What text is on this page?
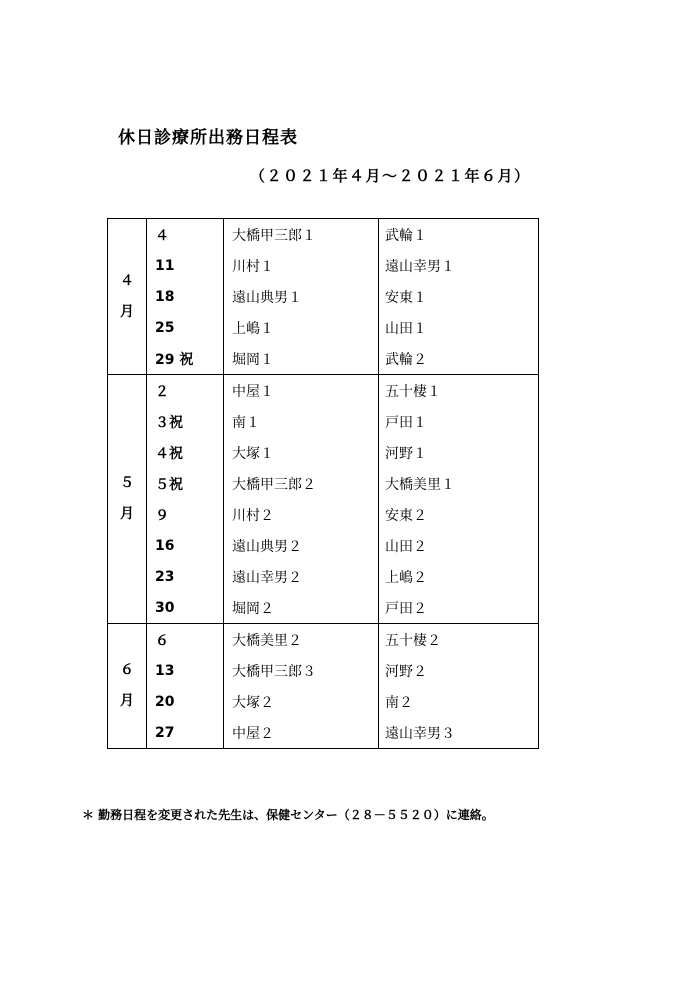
休日診療所出務日程表
（２０２１年４月～２０２１年６月）
４
月	４	大橋甲三郎１	武輪１
	11	川村１	遠山幸男１
	18	遠山典男１	安東１
	25	上嶋１	山田１
	29 祝	堀岡１	武輪２

５
月	２	中屋１	五十棲１
	３祝	南１	戸田１
	４祝	大塚１	河野１
	５祝	大橋甲三郎２	大橋美里１
	９	川村２	安東２
	16	遠山典男２	山田２
	23	遠山幸男２	上嶋２
	30	堀岡２	戸田２

６
月	６	大橋美里２	五十棲２
	13	大橋甲三郎３	河野２
	20	大塚２	南２
	27	中屋２	遠山幸男３
＊ 勤務日程を変更された先生は、保健センター（２８－５５２０）に連絡。
